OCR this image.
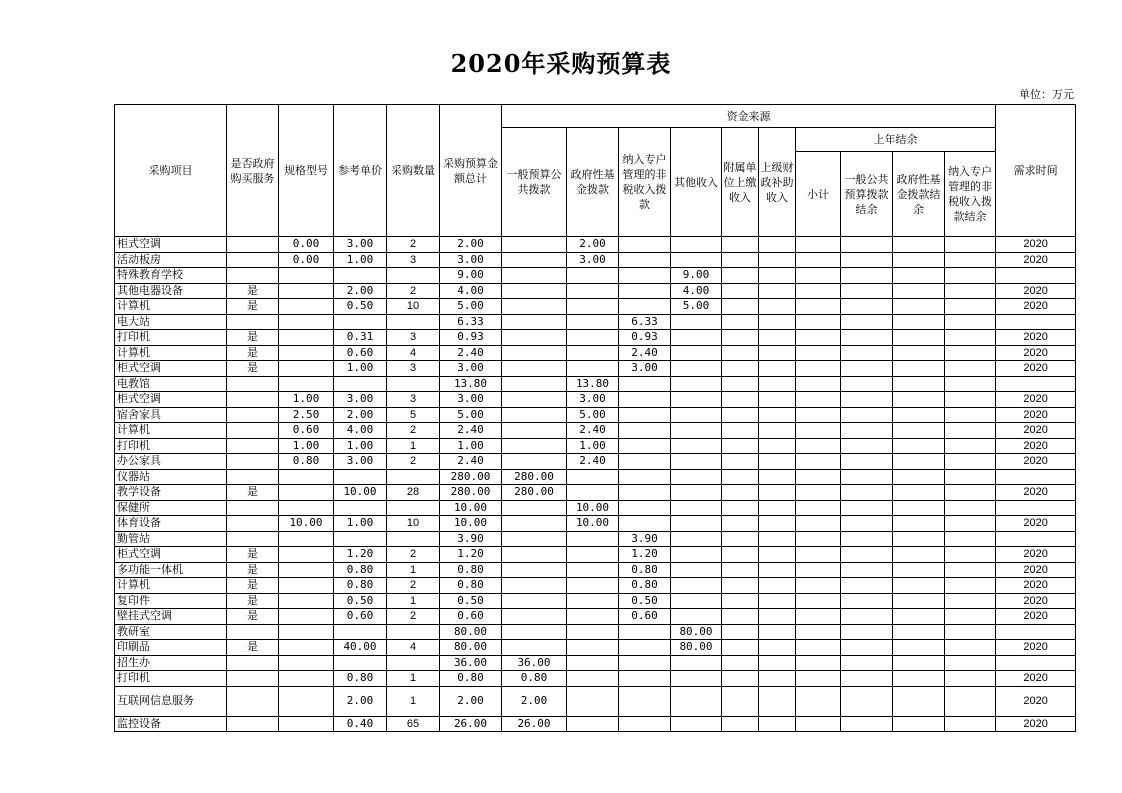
2020年采购预算表
单位：万元
采购项目	是否政府购买服务	规格型号	参考单价	采购数量	采购预算金额总计	资金来源										需求时间
						一般预算公共拨款	政府性基金拨款	纳入专户管理的非税收入拨款	其他收入	附属单位上缴收入	上级财政补助收入	上年结余				
												小计	一般公共预算拨款结余	政府性基金拨款结余	纳入专户管理的非税收入拨款结余	
柜式空调		0.00	3.00	2	2.00		2.00									2020
活动板房		0.00	1.00	3	3.00		3.00									2020
特殊教育学校					9.00				9.00							
其他电器设备	是		2.00	2	4.00				4.00							2020
计算机	是		0.50	10	5.00				5.00							2020
电大站					6.33			6.33								
打印机	是		0.31	3	0.93			0.93								2020
计算机	是		0.60	4	2.40			2.40								2020
柜式空调	是		1.00	3	3.00			3.00								2020
电教馆					13.80		13.80									
柜式空调		1.00	3.00	3	3.00		3.00									2020
宿舍家具		2.50	2.00	5	5.00		5.00									2020
计算机		0.60	4.00	2	2.40		2.40									2020
打印机		1.00	1.00	1	1.00		1.00									2020
办公家具		0.80	3.00	2	2.40		2.40									2020
仪器站					280.00	280.00										
教学设备	是		10.00	28	280.00	280.00										2020
保健所					10.00		10.00									
体育设备		10.00	1.00	10	10.00		10.00									2020
勤管站					3.90			3.90								
柜式空调	是		1.20	2	1.20			1.20								2020
多功能一体机	是		0.80	1	0.80			0.80								2020
计算机	是		0.80	2	0.80			0.80								2020
复印件	是		0.50	1	0.50			0.50								2020
壁挂式空调	是		0.60	2	0.60			0.60								2020
教研室					80.00				80.00							
印刷品	是		40.00	4	80.00				80.00							2020
招生办					36.00	36.00										
打印机			0.80	1	0.80	0.80										2020
互联网信息服务			2.00	1	2.00	2.00										2020
监控设备			0.40	65	26.00	26.00										2020
